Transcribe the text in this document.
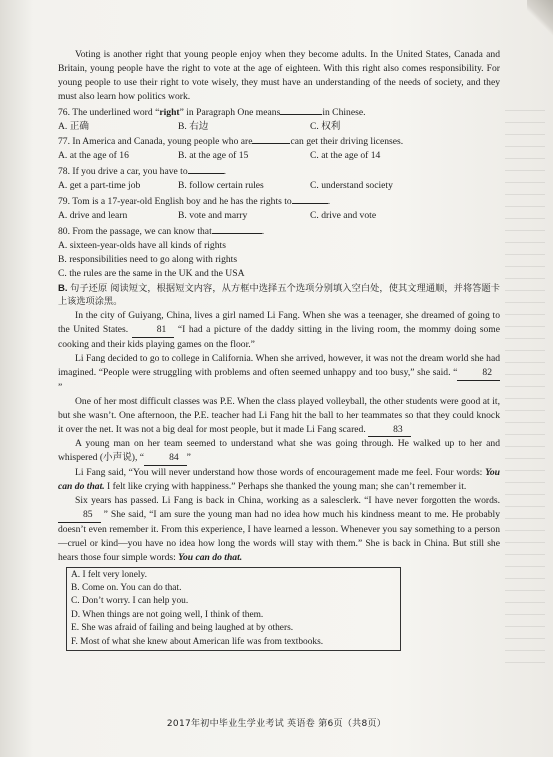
Voting is another right that young people enjoy when they become adults. In the United States, Canada and Britain, young people have the right to vote at the age of eighteen. With this right also comes responsibility. For young people to use their right to vote wisely, they must have an understanding of the needs of society, and they must also learn how politics work.

76. The underlined word “right” in Paragraph One means	in Chinese.
A. 正确	B. 右边	C. 权利
77. In America and Canada, young people who are	can get their driving licenses.
A. at the age of 16	B. at the age of 15	C. at the age of 14
78. If you drive a car, you have to	.
A. get a part-time job	B. follow certain rules	C. understand society
79. Tom is a 17-year-old English boy and he has the rights to	.
A. drive and learn	B. vote and marry	C. drive and vote
80. From the passage, we can know that	.
A. sixteen-year-olds have all kinds of rights
B. responsibilities need to go along with rights
C. the rules are the same in the UK and the USA

B. 句子还原 阅读短文，根据短文内容，从方框中选择五个选项分别填入空白处，使其文理通顺，并将答题卡上该选项涂黑。

In the city of Guiyang, China, lives a girl named Li Fang. When she was a teenager, she dreamed of going to the United States.	81 “I had a picture of the daddy sitting in the living room, the mommy doing some cooking and their kids playing games on the floor.”

Li Fang decided to go to college in California. When she arrived, however, it was not the dream world she had imagined. “People were struggling with problems and often seemed unhappy and too busy,” she said. “	82”

One of her most difficult classes was P.E. When the class played volleyball, the other students were good at it, but she wasn’t. One afternoon, the P.E. teacher had Li Fang hit the ball to her teammates so that they could knock it over the net. It was not a big deal for most people, but it made Li Fang scared.	83

A young man on her team seemed to understand what she was going through. He walked up to her and whispered (小声说), “	84 ”

Li Fang said, “You will never understand how those words of encouragement made me feel. Four words: You can do that. I felt like crying with happiness.” Perhaps she thanked the young man; she can’t remember it.

Six years has passed. Li Fang is back in China, working as a salesclerk. “I have never forgotten the words. 85 ” She said, “I am sure the young man had no idea how much his kindness meant to me. He probably doesn’t even remember it. From this experience, I have learned a lesson. Whenever you say something to a person—cruel or kind—you have no idea how long the words will stay with them.” She is back in China. But still she hears those four simple words: You can do that.

A. I felt very lonely.
B. Come on. You can do that.
C. Don’t worry. I can help you.
D. When things are not going well, I think of them.
E. She was afraid of failing and being laughed at by others.
F. Most of what she knew about American life was from textbooks.
2017年初中毕业生学业考试 英语卷 第6页（共8页）
